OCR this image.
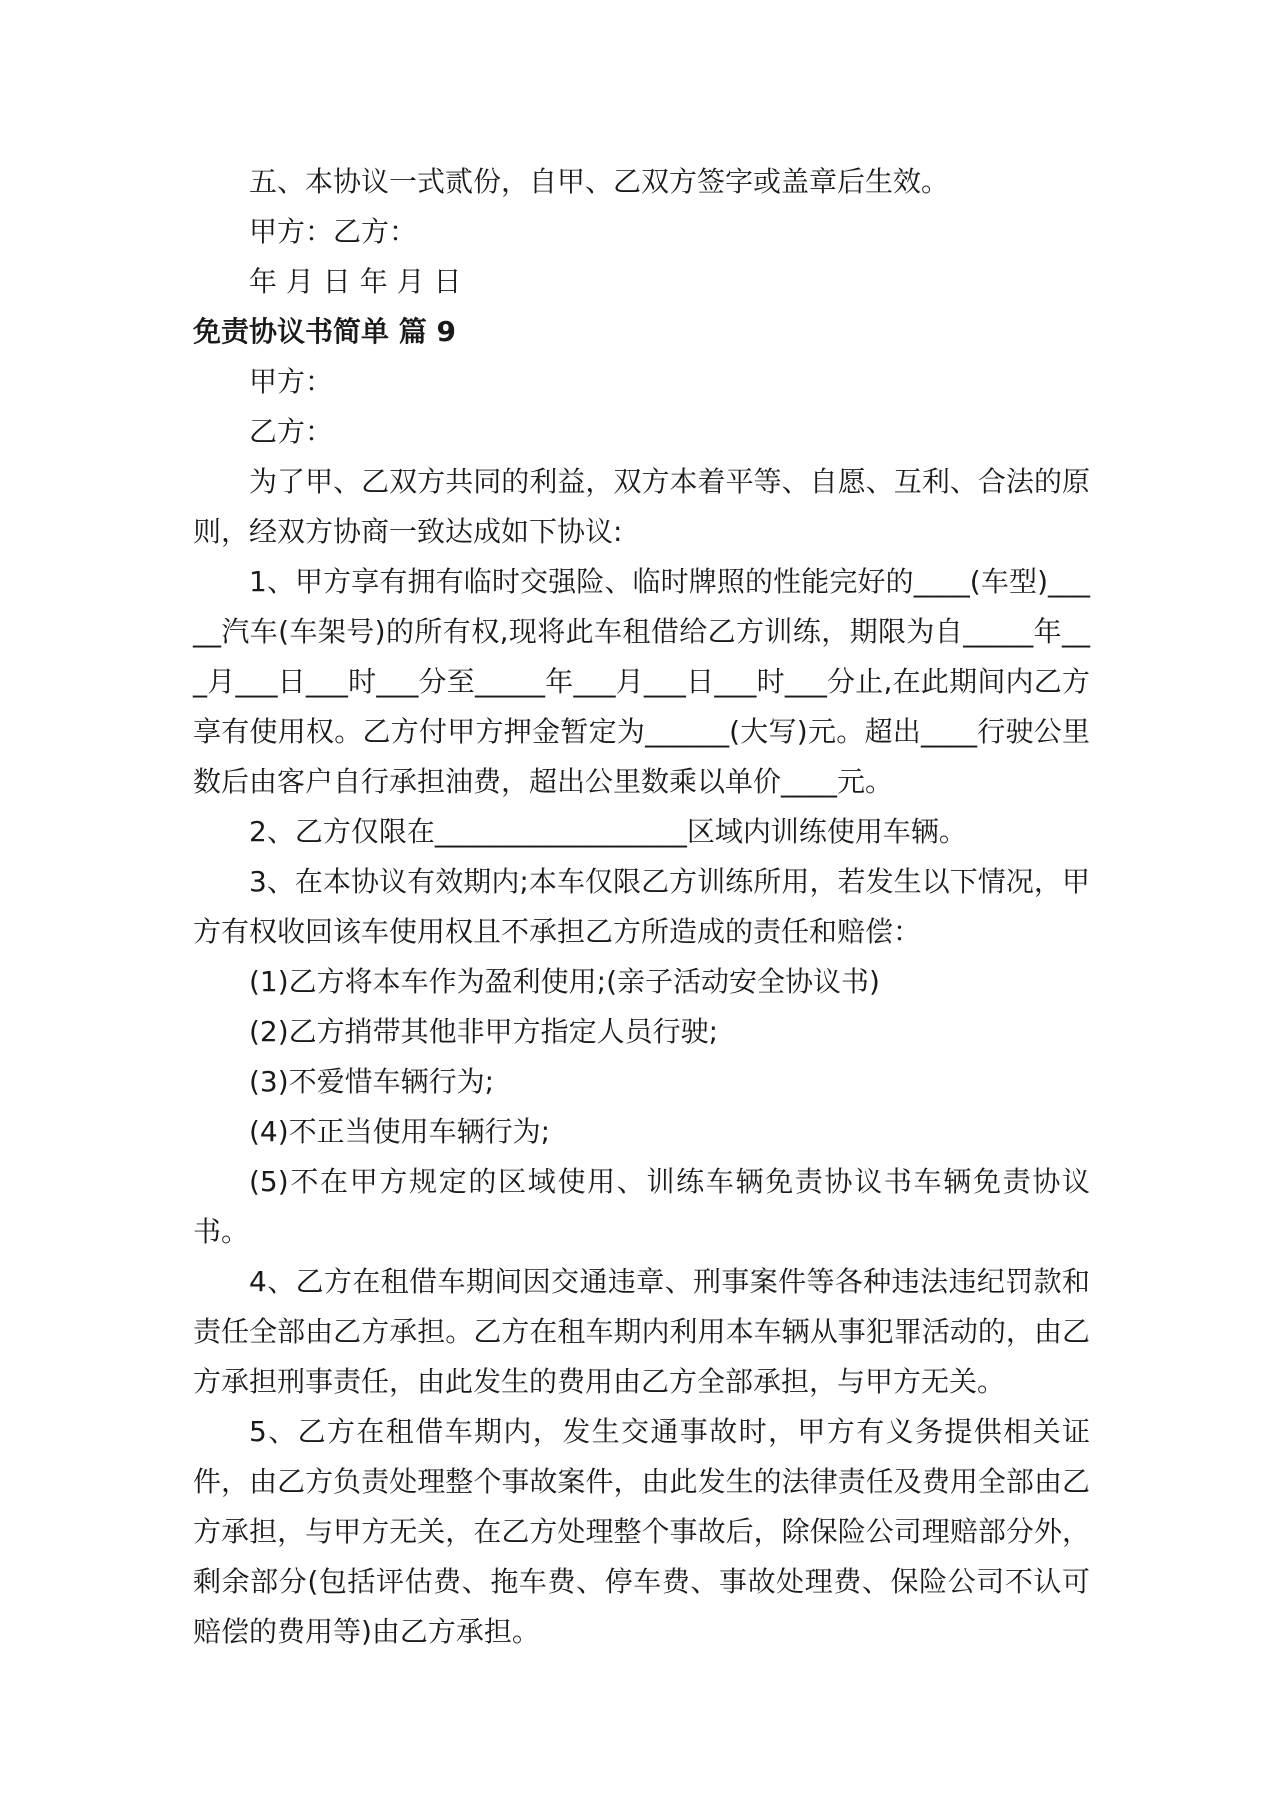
五、本协议一式贰份，自甲、乙双方签字或盖章后生效。

甲方：乙方：

年 月 日 年 月 日

免责协议书简单 篇 9

甲方：

乙方：

为了甲、乙双方共同的利益，双方本着平等、自愿、互利、合法的原则，经双方协商一致达成如下协议:

1、甲方享有拥有临时交强险、临时牌照的性能完好的____(车型)_____汽车(车架号)的所有权,现将此车租借给乙方训练，期限为自_____年___月___日___时___分至_____年___月___日___时___分止,在此期间内乙方享有使用权。乙方付甲方押金暂定为______(大写)元。超出____行驶公里数后由客户自行承担油费，超出公里数乘以单价____元。

2、乙方仅限在__________________区域内训练使用车辆。

3、在本协议有效期内;本车仅限乙方训练所用，若发生以下情况，甲方有权收回该车使用权且不承担乙方所造成的责任和赔偿：

(1)乙方将本车作为盈利使用;(亲子活动安全协议书)

(2)乙方捎带其他非甲方指定人员行驶;

(3)不爱惜车辆行为;

(4)不正当使用车辆行为;

(5)不在甲方规定的区域使用、训练车辆免责协议书车辆免责协议书。

4、乙方在租借车期间因交通违章、刑事案件等各种违法违纪罚款和责任全部由乙方承担。乙方在租车期内利用本车辆从事犯罪活动的，由乙方承担刑事责任，由此发生的费用由乙方全部承担，与甲方无关。

5、乙方在租借车期内，发生交通事故时，甲方有义务提供相关证件，由乙方负责处理整个事故案件，由此发生的法律责任及费用全部由乙方承担，与甲方无关，在乙方处理整个事故后，除保险公司理赔部分外，剩余部分(包括评估费、拖车费、停车费、事故处理费、保险公司不认可赔偿的费用等)由乙方承担。
